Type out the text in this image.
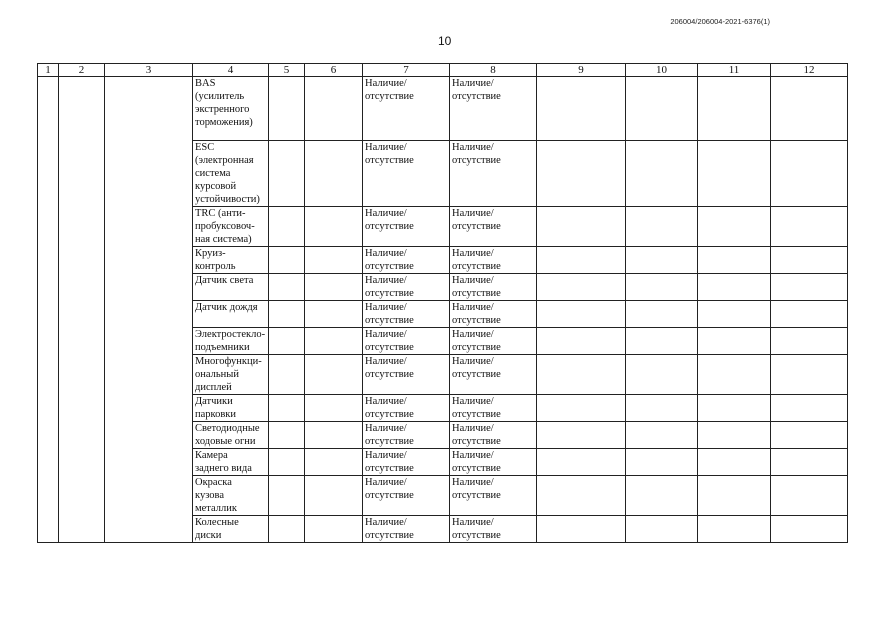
206004/206004-2021-6376(1)
10
1	2	3	4	5	6	7	8	9	10	11	12
			BAS
(усилитель
экстренного
торможения)			Наличие/
отсутствие	Наличие/
отсутствие				
			ESC
(электронная
система
курсовой
устойчивости)			Наличие/
отсутствие	Наличие/
отсутствие				
			TRC (анти-
пробуксовоч-
ная система)			Наличие/
отсутствие	Наличие/
отсутствие				
			Круиз-
контроль			Наличие/
отсутствие	Наличие/
отсутствие				
			Датчик света			Наличие/
отсутствие	Наличие/
отсутствие				
			Датчик дождя			Наличие/
отсутствие	Наличие/
отсутствие				
			Электростекло-
подъемники			Наличие/
отсутствие	Наличие/
отсутствие				
			Многофункци-
ональный
дисплей			Наличие/
отсутствие	Наличие/
отсутствие				
			Датчики
парковки			Наличие/
отсутствие	Наличие/
отсутствие				
			Светодиодные
ходовые огни			Наличие/
отсутствие	Наличие/
отсутствие				
			Камера
заднего вида			Наличие/
отсутствие	Наличие/
отсутствие				
			Окраска
кузова
металлик			Наличие/
отсутствие	Наличие/
отсутствие				
			Колесные
диски			Наличие/
отсутствие	Наличие/
отсутствие				
